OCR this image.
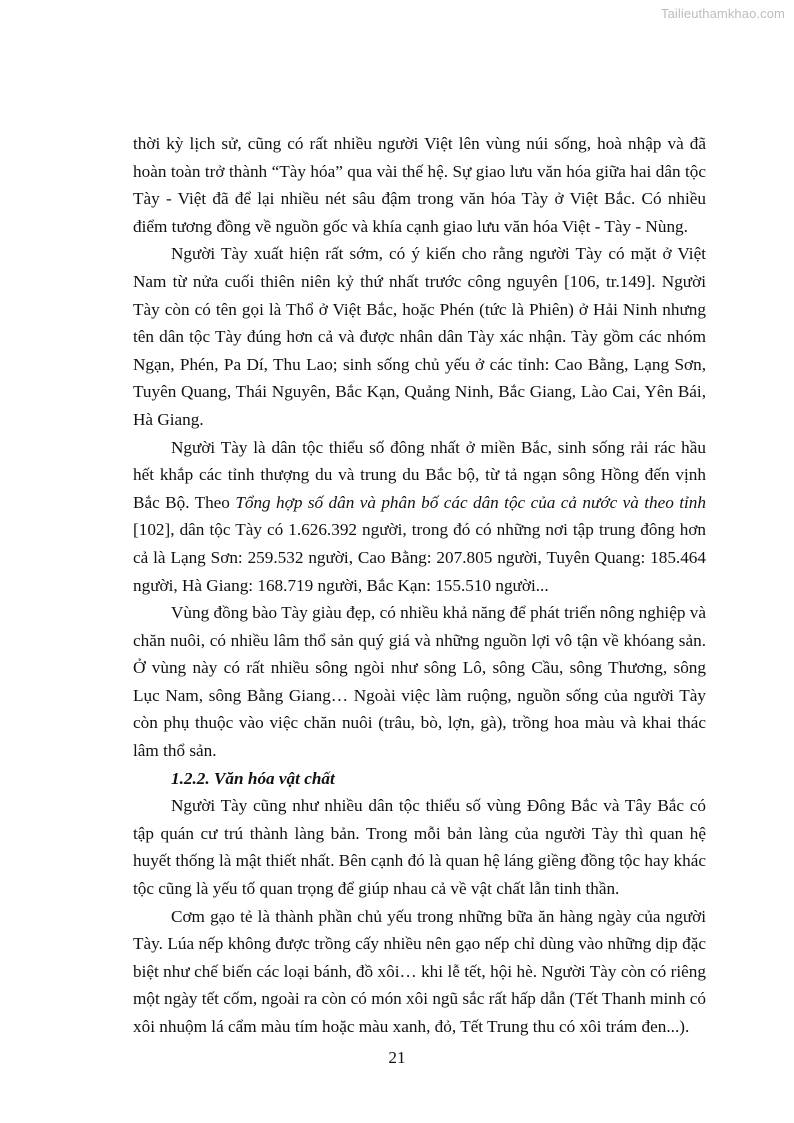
Tailieuthamkhao.com

thời kỳ lịch sử, cũng có rất nhiều người Việt lên vùng núi sống, hoà nhập và đã hoàn toàn trở thành “Tày hóa” qua vài thế hệ. Sự giao lưu văn hóa giữa hai dân tộc Tày - Việt đã để lại nhiều nét sâu đậm trong văn hóa Tày ở Việt Bắc. Có nhiều điểm tương đồng về nguồn gốc và khía cạnh giao lưu văn hóa Việt - Tày - Nùng.

Người Tày xuất hiện rất sớm, có ý kiến cho rằng người Tày có mặt ở Việt Nam từ nửa cuối thiên niên kỷ thứ nhất trước công nguyên [106, tr.149]. Người Tày còn có tên gọi là Thổ ở Việt Bắc, hoặc Phén (tức là Phiên) ở Hải Ninh nhưng tên dân tộc Tày đúng hơn cả và được nhân dân Tày xác nhận. Tày gồm các nhóm Ngạn, Phén, Pa Dí, Thu Lao; sinh sống chủ yếu ở các tỉnh: Cao Bằng, Lạng Sơn, Tuyên Quang, Thái Nguyên, Bắc Kạn, Quảng Ninh, Bắc Giang, Lào Cai, Yên Bái, Hà Giang.

Người Tày là dân tộc thiểu số đông nhất ở miền Bắc, sinh sống rải rác hầu hết khắp các tỉnh thượng du và trung du Bắc bộ, từ tả ngạn sông Hồng đến vịnh Bắc Bộ. Theo Tổng hợp số dân và phân bố các dân tộc của cả nước và theo tỉnh [102], dân tộc Tày có 1.626.392 người, trong đó có những nơi tập trung đông hơn cả là Lạng Sơn: 259.532 người, Cao Bằng: 207.805 người, Tuyên Quang: 185.464 người, Hà Giang: 168.719 người, Bắc Kạn: 155.510 người...

Vùng đồng bào Tày giàu đẹp, có nhiều khả năng để phát triển nông nghiệp và chăn nuôi, có nhiều lâm thổ sản quý giá và những nguồn lợi vô tận về khóang sản. Ở vùng này có rất nhiều sông ngòi như sông Lô, sông Cầu, sông Thương, sông Lục Nam, sông Bằng Giang… Ngoài việc làm ruộng, nguồn sống của người Tày còn phụ thuộc vào việc chăn nuôi (trâu, bò, lợn, gà), trồng hoa màu và khai thác lâm thổ sản.

1.2.2. Văn hóa vật chất

Người Tày cũng như nhiều dân tộc thiểu số vùng Đông Bắc và Tây Bắc có tập quán cư trú thành làng bản. Trong mỗi bản làng của người Tày thì quan hệ huyết thống là mật thiết nhất. Bên cạnh đó là quan hệ láng giềng đồng tộc hay khác tộc cũng là yếu tố quan trọng để giúp nhau cả về vật chất lẫn tinh thần.

Cơm gạo tẻ là thành phần chủ yếu trong những bữa ăn hàng ngày của người Tày. Lúa nếp không được trồng cấy nhiều nên gạo nếp chỉ dùng vào những dịp đặc biệt như chế biến các loại bánh, đồ xôi… khi lễ tết, hội hè. Người Tày còn có riêng một ngày tết cốm, ngoài ra còn có món xôi ngũ sắc rất hấp dẫn (Tết Thanh minh có xôi nhuộm lá cẩm màu tím hoặc màu xanh, đỏ, Tết Trung thu có xôi trám đen...).

21
